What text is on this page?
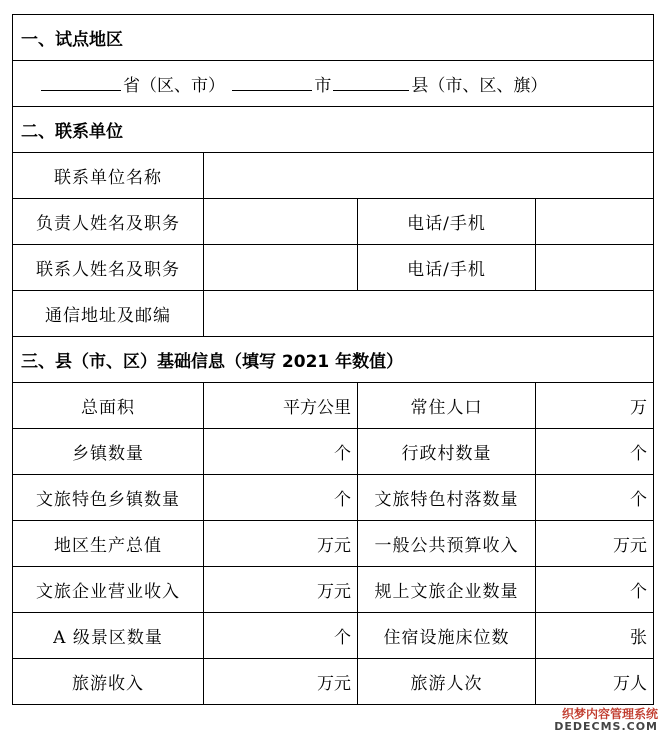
一、试点地区			
省（区、市） 市 县（市、区、旗）			
二、联系单位			
联系单位名称			
负责人姓名及职务		电话/手机	
联系人姓名及职务		电话/手机	
通信地址及邮编			
三、县（市、区）基础信息（填写 2021 年数值）			
总面积	平方公里	常住人口	万
乡镇数量	个	行政村数量	个
文旅特色乡镇数量	个	文旅特色村落数量	个
地区生产总值	万元	一般公共预算收入	万元
文旅企业营业收入	万元	规上文旅企业数量	个
A 级景区数量	个	住宿设施床位数	张
旅游收入	万元	旅游人次	万人
织梦内容管理系统
DEDECMS.COM
